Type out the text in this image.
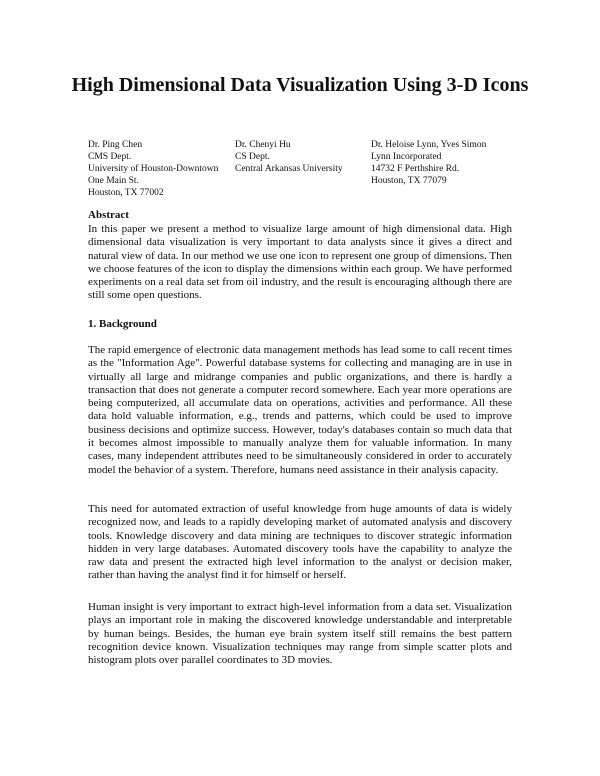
High Dimensional Data Visualization Using 3-D Icons
Dr. Ping Chen
CMS Dept.
University of Houston-Downtown
One Main St.
Houston, TX 77002
Dr. Chenyi Hu
CS Dept.
Central Arkansas University
Dr. Heloise Lynn, Yves Simon
Lynn Incorporated
14732 F Perthshire Rd.
Houston, TX 77079
Abstract
In this paper we present a method to visualize large amount of high dimensional data. High dimensional data visualization is very important to data analysts since it gives a direct and natural view of data. In our method we use one icon to represent one group of dimensions. Then we choose features of the icon to display the dimensions within each group. We have performed experiments on a real data set from oil industry, and the result is encouraging although there are still some open questions.
1. Background
The rapid emergence of electronic data management methods has lead some to call recent times as the "Information Age". Powerful database systems for collecting and managing are in use in virtually all large and midrange companies and public organizations, and there is hardly a transaction that does not generate a computer record somewhere. Each year more operations are being computerized, all accumulate data on operations, activities and performance. All these data hold valuable information, e.g., trends and patterns, which could be used to improve business decisions and optimize success. However, today's databases contain so much data that it becomes almost impossible to manually analyze them for valuable information. In many cases, many independent attributes need to be simultaneously considered in order to accurately model the behavior of a system. Therefore, humans need assistance in their analysis capacity.
This need for automated extraction of useful knowledge from huge amounts of data is widely recognized now, and leads to a rapidly developing market of automated analysis and discovery tools. Knowledge discovery and data mining are techniques to discover strategic information hidden in very large databases. Automated discovery tools have the capability to analyze the raw data and present the extracted high level information to the analyst or decision maker, rather than having the analyst find it for himself or herself.
Human insight is very important to extract high-level information from a data set. Visualization plays an important role in making the discovered knowledge understandable and interpretable by human beings. Besides, the human eye brain system itself still remains the best pattern recognition device known. Visualization techniques may range from simple scatter plots and histogram plots over parallel coordinates to 3D movies.
